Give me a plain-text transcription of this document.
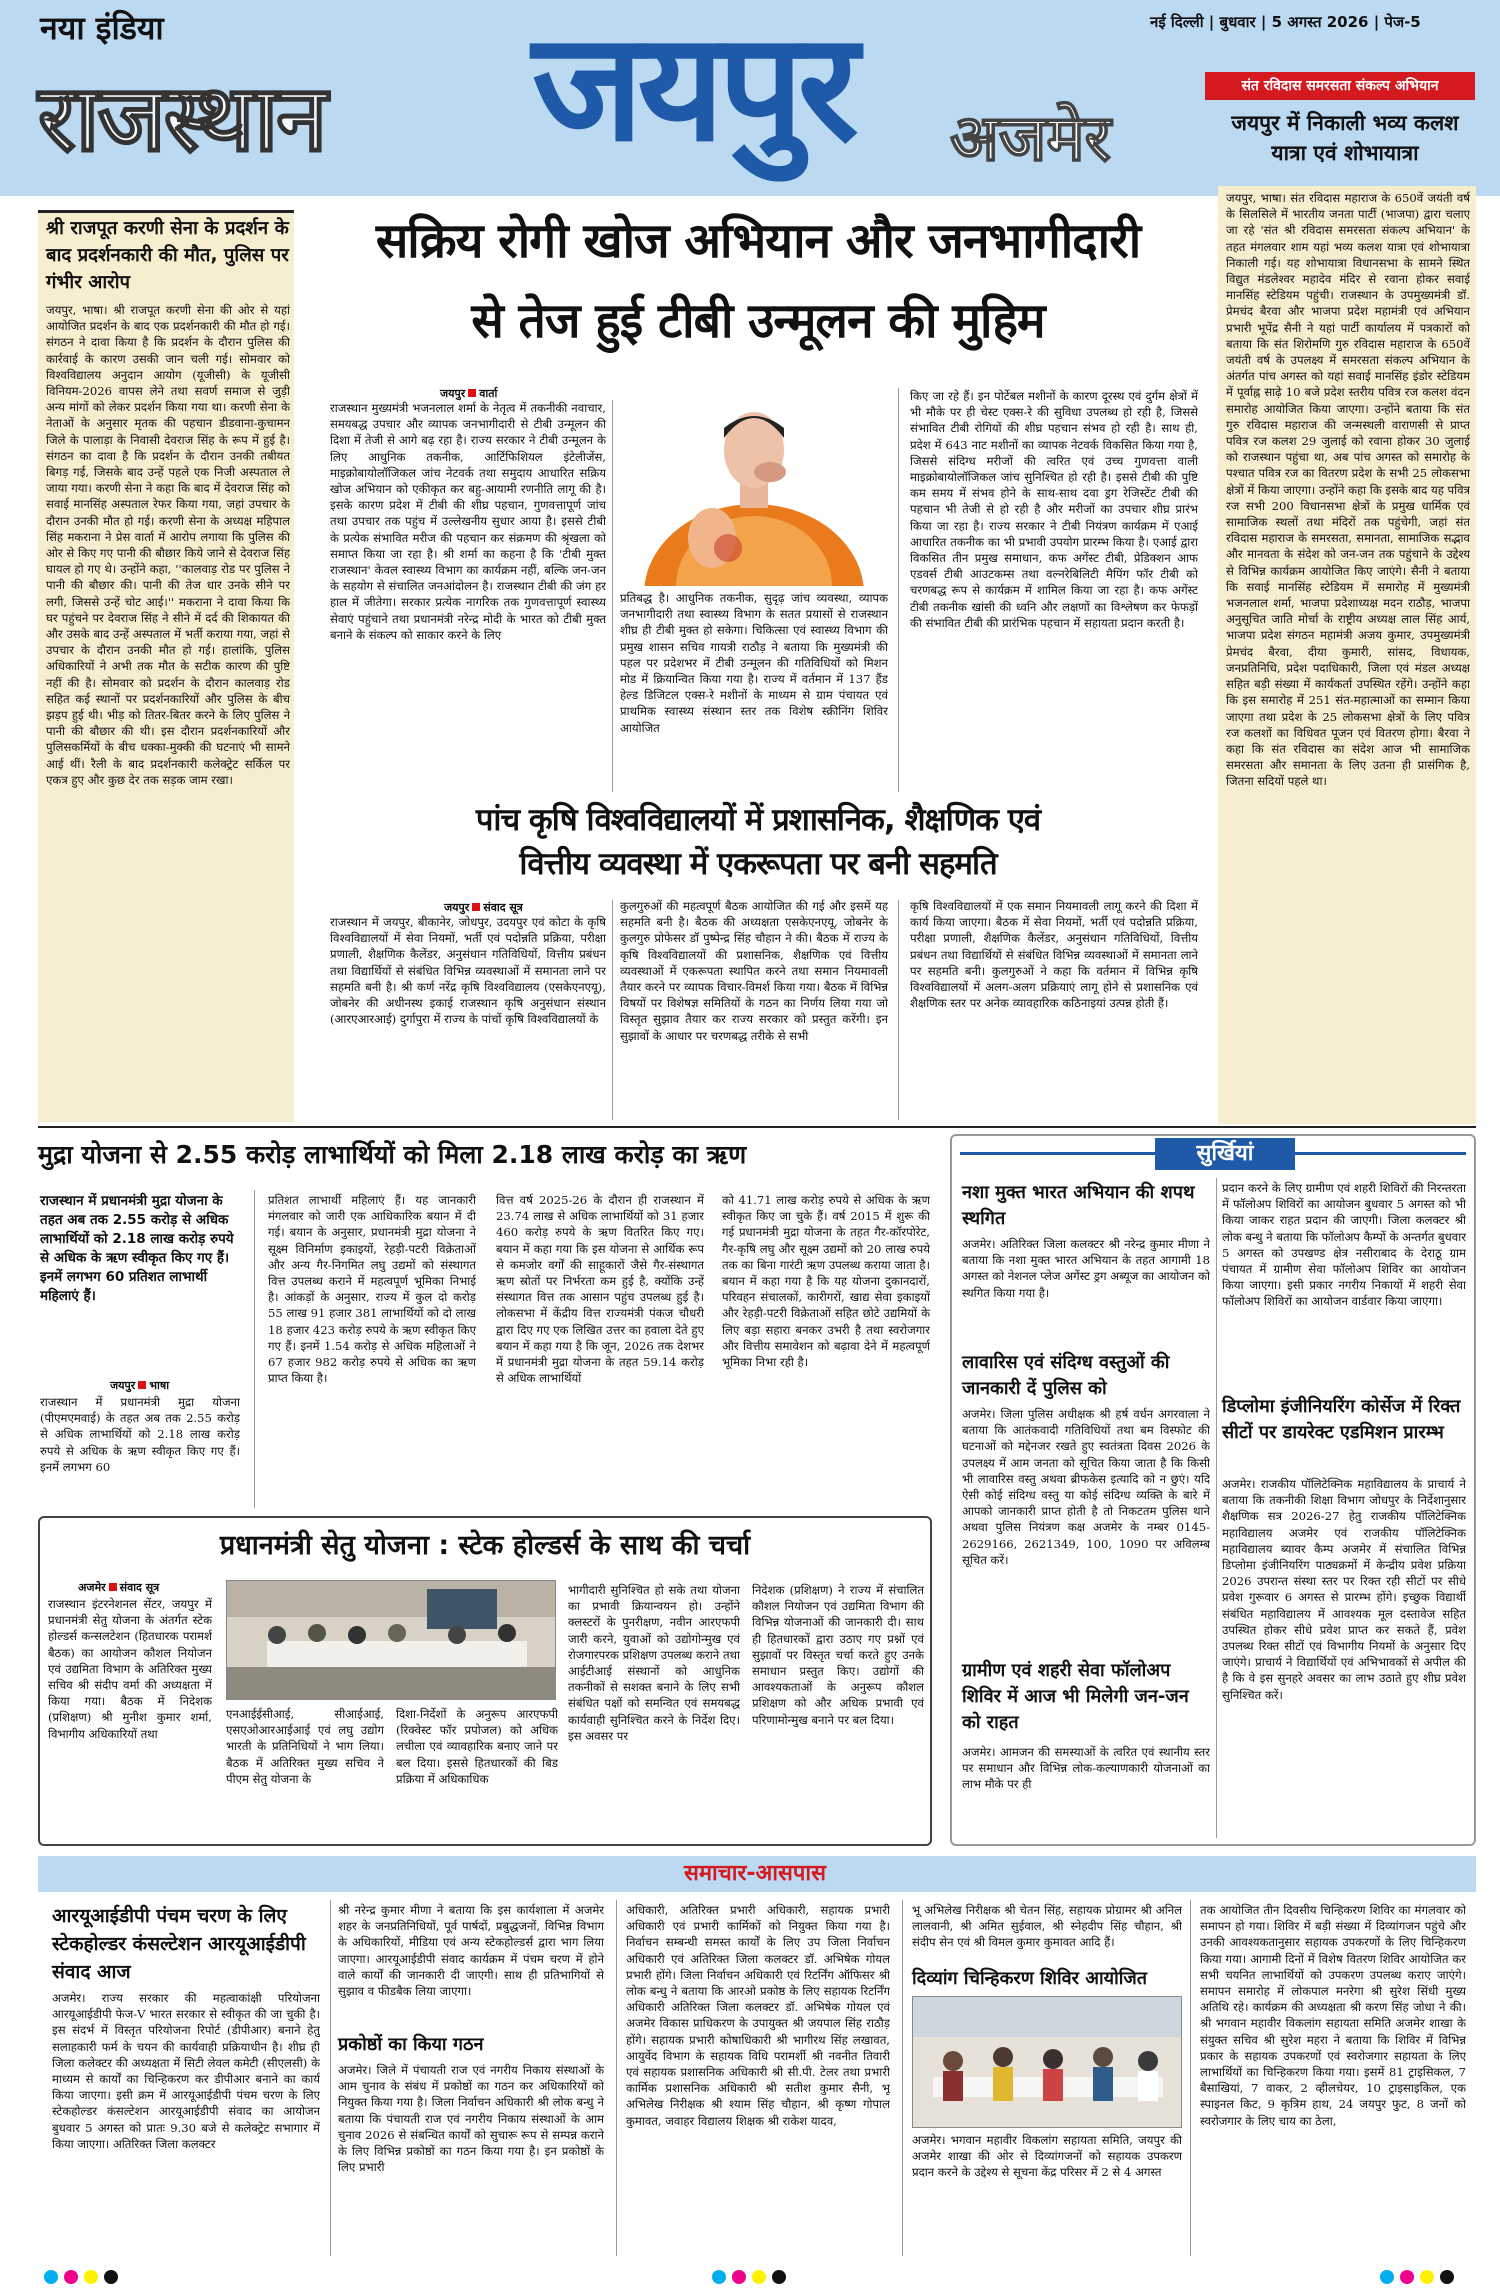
नया इंडिया
राजस्थान जयपुर अजमेर
नई दिल्ली | बुधवार | 5 अगस्त 2026 | पेज-5
संत रविदास समरसता संकल्प अभियान
जयपुर में निकाली भव्य कलश यात्रा एवं शोभायात्रा
श्री राजपूत करणी सेना के प्रदर्शन के बाद प्रदर्शनकारी की मौत, पुलिस पर गंभीर आरोप

जयपुर, भाषा। श्री राजपूत करणी सेना की ओर से यहां आयोजित प्रदर्शन के बाद एक प्रदर्शनकारी की मौत हो गई। संगठन ने दावा किया है कि प्रदर्शन के दौरान पुलिस की कार्रवाई के कारण उसकी जान चली गई। सोमवार को विश्वविद्यालय अनुदान आयोग (यूजीसी) के यूजीसी विनियम-2026 वापस लेने तथा सवर्ण समाज से जुड़ी अन्य मांगों को लेकर प्रदर्शन किया गया था। करणी सेना के नेताओं के अनुसार मृतक की पहचान डीडवाना-कुचामन जिले के पालाड़ा के निवासी देवराज सिंह के रूप में हुई है। संगठन का दावा है कि प्रदर्शन के दौरान उनकी तबीयत बिगड़ गई, जिसके बाद उन्हें पहले एक निजी अस्पताल ले जाया गया। करणी सेना ने कहा कि बाद में देवराज सिंह को सवाई मानसिंह अस्पताल रेफर किया गया, जहां उपचार के दौरान उनकी मौत हो गई। करणी सेना के अध्यक्ष महिपाल सिंह मकराना ने प्रेस वार्ता में आरोप लगाया कि पुलिस की ओर से किए गए पानी की बौछार किये जाने से देवराज सिंह घायल हो गए थे। उन्होंने कहा, ''कालवाड़ रोड पर पुलिस ने पानी की बौछार की। पानी की तेज धार उनके सीने पर लगी, जिससे उन्हें चोट आई।'' मकराना ने दावा किया कि घर पहुंचने पर देवराज सिंह ने सीने में दर्द की शिकायत की और उसके बाद उन्हें अस्पताल में भर्ती कराया गया, जहां से उपचार के दौरान उनकी मौत हो गई। हालांकि, पुलिस अधिकारियों ने अभी तक मौत के सटीक कारण की पुष्टि नहीं की है। सोमवार को प्रदर्शन के दौरान कालवाड़ रोड सहित कई स्थानों पर प्रदर्शनकारियों और पुलिस के बीच झड़प हुई थी। भीड़ को तितर-बितर करने के लिए पुलिस ने पानी की बौछार की थी। इस दौरान प्रदर्शनकारियों और पुलिसकर्मियों के बीच धक्का-मुक्की की घटनाएं भी सामने आई थीं। रैली के बाद प्रदर्शनकारी कलेक्ट्रेट सर्किल पर एकत्र हुए और कुछ देर तक सड़क जाम रखा।

जयपुर, भाषा। संत रविदास महाराज के 650वें जयंती वर्ष के सिलसिले में भारतीय जनता पार्टी (भाजपा) द्वारा चलाए जा रहे 'संत श्री रविदास समरसता संकल्प अभियान' के तहत मंगलवार शाम यहां भव्य कलश यात्रा एवं शोभायात्रा निकाली गई। यह शोभायात्रा विधानसभा के सामने स्थित विद्युत मंडलेश्वर महादेव मंदिर से रवाना होकर सवाई मानसिंह स्टेडियम पहुंची। राजस्थान के उपमुख्यमंत्री डॉ. प्रेमचंद बैरवा और भाजपा प्रदेश महामंत्री एवं अभियान प्रभारी भूपेंद्र सैनी ने यहां पार्टी कार्यालय में पत्रकारों को बताया कि संत शिरोमणि गुरु रविदास महाराज के 650वें जयंती वर्ष के उपलक्ष्य में समरसता संकल्प अभियान के अंतर्गत पांच अगस्त को यहां सवाई मानसिंह इंडोर स्टेडियम में पूर्वाह्न साढ़े 10 बजे प्रदेश स्तरीय पवित्र रज कलश वंदन समारोह आयोजित किया जाएगा। उन्होंने बताया कि संत गुरु रविदास महाराज की जन्मस्थली वाराणसी से प्राप्त पवित्र रज कलश 29 जुलाई को रवाना होकर 30 जुलाई को राजस्थान पहुंचा था, अब पांच अगस्त को समारोह के पश्चात पवित्र रज का वितरण प्रदेश के सभी 25 लोकसभा क्षेत्रों में किया जाएगा। उन्होंने कहा कि इसके बाद यह पवित्र रज सभी 200 विधानसभा क्षेत्रों के प्रमुख धार्मिक एवं सामाजिक स्थलों तथा मंदिरों तक पहुंचेगी, जहां संत रविदास महाराज के समरसता, समानता, सामाजिक सद्भाव और मानवता के संदेश को जन-जन तक पहुंचाने के उद्देश्य से विभिन्न कार्यक्रम आयोजित किए जाएंगे। सैनी ने बताया कि सवाई मानसिंह स्टेडियम में समारोह में मुख्यमंत्री भजनलाल शर्मा, भाजपा प्रदेशाध्यक्ष मदन राठौड़, भाजपा अनुसूचित जाति मोर्चा के राष्ट्रीय अध्यक्ष लाल सिंह आर्य, भाजपा प्रदेश संगठन महामंत्री अजय कुमार, उपमुख्यमंत्री प्रेमचंद बैरवा, दीया कुमारी, सांसद, विधायक, जनप्रतिनिधि, प्रदेश पदाधिकारी, जिला एवं मंडल अध्यक्ष सहित बड़ी संख्या में कार्यकर्ता उपस्थित रहेंगे। उन्होंने कहा कि इस समारोह में 251 संत-महात्माओं का सम्मान किया जाएगा तथा प्रदेश के 25 लोकसभा क्षेत्रों के लिए पवित्र रज कलशों का विधिवत पूजन एवं वितरण होगा। बैरवा ने कहा कि संत रविदास का संदेश आज भी सामाजिक समरसता और समानता के लिए उतना ही प्रासंगिक है, जितना सदियों पहले था।

सक्रिय रोगी खोज अभियान और जनभागीदारी
से तेज हुई टीबी उन्मूलन की मुहिम
जयपुर वार्ता

राजस्थान मुख्यमंत्री भजनलाल शर्मा के नेतृत्व में तकनीकी नवाचार, समयबद्ध उपचार और व्यापक जनभागीदारी से टीबी उन्मूलन की दिशा में तेजी से आगे बढ़ रहा है। राज्य सरकार ने टीबी उन्मूलन के लिए आधुनिक तकनीक, आर्टिफिशियल इंटेलीजेंस, माइक्रोबायोलॉजिकल जांच नेटवर्क तथा समुदाय आधारित सक्रिय खोज अभियान को एकीकृत कर बहु-आयामी रणनीति लागू की है। इसके कारण प्रदेश में टीबी की शीघ्र पहचान, गुणवत्तापूर्ण जांच तथा उपचार तक पहुंच में उल्लेखनीय सुधार आया है। इससे टीबी के प्रत्येक संभावित मरीज की पहचान कर संक्रमण की श्रृंखला को समाप्त किया जा रहा है। श्री शर्मा का कहना है कि 'टीबी मुक्त राजस्थान' केवल स्वास्थ्य विभाग का कार्यक्रम नहीं, बल्कि जन-जन के सहयोग से संचालित जनआंदोलन है। राजस्थान टीबी की जंग हर हाल में जीतेगा। सरकार प्रत्येक नागरिक तक गुणवत्तापूर्ण स्वास्थ्य सेवाएं पहुंचाने तथा प्रधानमंत्री नरेन्द्र मोदी के भारत को टीबी मुक्त बनाने के संकल्प को साकार करने के लिए

प्रतिबद्ध है। आधुनिक तकनीक, सुदृढ़ जांच व्यवस्था, व्यापक जनभागीदारी तथा स्वास्थ्य विभाग के सतत प्रयासों से राजस्थान शीघ्र ही टीबी मुक्त हो सकेगा। चिकित्सा एवं स्वास्थ्य विभाग की प्रमुख शासन सचिव गायत्री राठौड़ ने बताया कि मुख्यमंत्री की पहल पर प्रदेशभर में टीबी उन्मूलन की गतिविधियों को मिशन मोड में क्रियान्वित किया गया है। राज्य में वर्तमान में 137 हैंड हेल्ड डिजिटल एक्स-रे मशीनों के माध्यम से ग्राम पंचायत एवं प्राथमिक स्वास्थ्य संस्थान स्तर तक विशेष स्क्रीनिंग शिविर आयोजित

किए जा रहे हैं। इन पोर्टेबल मशीनों के कारण दूरस्थ एवं दुर्गम क्षेत्रों में भी मौके पर ही चेस्ट एक्स-रे की सुविधा उपलब्ध हो रही है, जिससे संभावित टीबी रोगियों की शीघ्र पहचान संभव हो रही है। साथ ही, प्रदेश में 643 नाट मशीनों का व्यापक नेटवर्क विकसित किया गया है, जिससे संदिग्ध मरीजों की त्वरित एवं उच्च गुणवत्ता वाली माइक्रोबायोलॉजिकल जांच सुनिश्चित हो रही है। इससे टीबी की पुष्टि कम समय में संभव होने के साथ-साथ दवा ड्रग रेजिस्टेंट टीबी की पहचान भी तेजी से हो रही है और मरीजों का उपचार शीघ्र प्रारंभ किया जा रहा है। राज्य सरकार ने टीबी नियंत्रण कार्यक्रम में एआई आधारित तकनीक का भी प्रभावी उपयोग प्रारम्भ किया है। एआई द्वारा विकसित तीन प्रमुख समाधान, कफ अगेंस्ट टीबी, प्रेडिक्शन आफ एडवर्स टीबी आउटकम्स तथा वल्नरेबिलिटी मैपिंग फॉर टीबी को चरणबद्ध रूप से कार्यक्रम में शामिल किया जा रहा है। कफ अगेंस्ट टीबी तकनीक खांसी की ध्वनि और लक्षणों का विश्लेषण कर फेफड़ों की संभावित टीबी की प्रारंभिक पहचान में सहायता प्रदान करती है।

पांच कृषि विश्वविद्यालयों में प्रशासनिक, शैक्षणिक एवं
वित्तीय व्यवस्था में एकरूपता पर बनी सहमति
जयपुर संवाद सूत्र

राजस्थान में जयपुर, बीकानेर, जोधपुर, उदयपुर एवं कोटा के कृषि विश्वविद्यालयों में सेवा नियमों, भर्ती एवं पदोन्नति प्रक्रिया, परीक्षा प्रणाली, शैक्षणिक कैलेंडर, अनुसंधान गतिविधियों, वित्तीय प्रबंधन तथा विद्यार्थियों से संबंधित विभिन्न व्यवस्थाओं में समानता लाने पर सहमति बनी है। श्री कर्ण नरेंद्र कृषि विश्वविद्यालय (एसकेएनएयू), जोबनेर की अधीनस्थ इकाई राजस्थान कृषि अनुसंधान संस्थान (आरएआरआई) दुर्गापुरा में राज्य के पांचों कृषि विश्वविद्यालयों के

कुलगुरुओं की महत्वपूर्ण बैठक आयोजित की गई और इसमें यह सहमति बनी है। बैठक की अध्यक्षता एसकेएनएयू, जोबनेर के कुलगुरु प्रोफेसर डॉ पुष्पेन्द्र सिंह चौहान ने की। बैठक में राज्य के कृषि विश्वविद्यालयों की प्रशासनिक, शैक्षणिक एवं वित्तीय व्यवस्थाओं में एकरूपता स्थापित करने तथा समान नियमावली तैयार करने पर व्यापक विचार-विमर्श किया गया। बैठक में विभिन्न विषयों पर विशेषज्ञ समितियों के गठन का निर्णय लिया गया जो विस्तृत सुझाव तैयार कर राज्य सरकार को प्रस्तुत करेंगी। इन सुझावों के आधार पर चरणबद्ध तरीके से सभी

कृषि विश्वविद्यालयों में एक समान नियमावली लागू करने की दिशा में कार्य किया जाएगा। बैठक में सेवा नियमों, भर्ती एवं पदोन्नति प्रक्रिया, परीक्षा प्रणाली, शैक्षणिक कैलेंडर, अनुसंधान गतिविधियों, वित्तीय प्रबंधन तथा विद्यार्थियों से संबंधित विभिन्न व्यवस्थाओं में समानता लाने पर सहमति बनी। कुलगुरुओं ने कहा कि वर्तमान में विभिन्न कृषि विश्वविद्यालयों में अलग-अलग प्रक्रियाएं लागू होने से प्रशासनिक एवं शैक्षणिक स्तर पर अनेक व्यावहारिक कठिनाइयां उत्पन्न होती हैं।

मुद्रा योजना से 2.55 करोड़ लाभार्थियों को मिला 2.18 लाख करोड़ का ऋण
राजस्थान में प्रधानमंत्री मुद्रा योजना के तहत अब तक 2.55 करोड़ से अधिक लाभार्थियों को 2.18 लाख करोड़ रुपये से अधिक के ऋण स्वीकृत किए गए हैं। इनमें लगभग 60 प्रतिशत लाभार्थी महिलाएं हैं।
जयपुर भाषा

राजस्थान में प्रधानमंत्री मुद्रा योजना (पीएमएमवाई) के तहत अब तक 2.55 करोड़ से अधिक लाभार्थियों को 2.18 लाख करोड़ रुपये से अधिक के ऋण स्वीकृत किए गए हैं। इनमें लगभग 60

प्रतिशत लाभार्थी महिलाएं हैं। यह जानकारी मंगलवार को जारी एक आधिकारिक बयान में दी गई। बयान के अनुसार, प्रधानमंत्री मुद्रा योजना ने सूक्ष्म विनिर्माण इकाइयों, रेहड़ी-पटरी विक्रेताओं और अन्य गैर-निगमित लघु उद्यमों को संस्थागत वित्त उपलब्ध कराने में महत्वपूर्ण भूमिका निभाई है। आंकड़ों के अनुसार, राज्य में कुल दो करोड़ 55 लाख 91 हजार 381 लाभार्थियों को दो लाख 18 हजार 423 करोड़ रुपये के ऋण स्वीकृत किए गए हैं। इनमें 1.54 करोड़ से अधिक महिलाओं ने 67 हजार 982 करोड़ रुपये से अधिक का ऋण प्राप्त किया है।

वित्त वर्ष 2025-26 के दौरान ही राजस्थान में 23.74 लाख से अधिक लाभार्थियों को 31 हजार 460 करोड़ रुपये के ऋण वितरित किए गए। बयान में कहा गया कि इस योजना से आर्थिक रूप से कमजोर वर्गों की साहूकारों जैसे गैर-संस्थागत ऋण स्रोतों पर निर्भरता कम हुई है, क्योंकि उन्हें संस्थागत वित्त तक आसान पहुंच उपलब्ध हुई है। लोकसभा में केंद्रीय वित्त राज्यमंत्री पंकज चौधरी द्वारा दिए गए एक लिखित उत्तर का हवाला देते हुए बयान में कहा गया है कि जून, 2026 तक देशभर में प्रधानमंत्री मुद्रा योजना के तहत 59.14 करोड़ से अधिक लाभार्थियों

को 41.71 लाख करोड़ रुपये से अधिक के ऋण स्वीकृत किए जा चुके हैं। वर्ष 2015 में शुरू की गई प्रधानमंत्री मुद्रा योजना के तहत गैर-कॉरपोरेट, गैर-कृषि लघु और सूक्ष्म उद्यमों को 20 लाख रुपये तक का बिना गारंटी ऋण उपलब्ध कराया जाता है। बयान में कहा गया है कि यह योजना दुकानदारों, परिवहन संचालकों, कारीगरों, खाद्य सेवा इकाइयों और रेहड़ी-पटरी विक्रेताओं सहित छोटे उद्यमियों के लिए बड़ा सहारा बनकर उभरी है तथा स्वरोजगार और वित्तीय समावेशन को बढ़ावा देने में महत्वपूर्ण भूमिका निभा रही है।

प्रधानमंत्री सेतु योजना : स्टेक होल्डर्स के साथ की चर्चा
अजमेर संवाद सूत्र

राजस्थान इंटरनेशनल सेंटर, जयपुर में प्रधानमंत्री सेतु योजना के अंतर्गत स्टेक होल्डर्स कन्सलटेशन (हितधारक परामर्श बैठक) का आयोजन कौशल नियोजन एवं उद्यमिता विभाग के अतिरिक्त मुख्य सचिव श्री संदीप वर्मा की अध्यक्षता में किया गया। बैठक में निदेशक (प्रशिक्षण) श्री मुनीश कुमार शर्मा, विभागीय अधिकारियों तथा

एनआईईसीआई, सीआईआई, एसएओआरआईआई एवं लघु उद्योग भारती के प्रतिनिधियों ने भाग लिया। बैठक में अतिरिक्त मुख्य सचिव ने पीएम सेतु योजना के

दिशा-निर्देशों के अनुरूप आरएफपी (रिक्वेस्ट फॉर प्रपोजल) को अधिक लचीला एवं व्यावहारिक बनाए जाने पर बल दिया। इससे हितधारकों की बिड प्रक्रिया में अधिकाधिक

भागीदारी सुनिश्चित हो सके तथा योजना का प्रभावी क्रियान्वयन हो। उन्होंने क्लस्टरों के पुनरीक्षण, नवीन आरएफपी जारी करने, युवाओं को उद्योगोन्मुख एवं रोजगारपरक प्रशिक्षण उपलब्ध कराने तथा आईटीआई संस्थानों को आधुनिक तकनीकों से सशक्त बनाने के लिए सभी संबंधित पक्षों को समन्वित एवं समयबद्ध कार्यवाही सुनिश्चित करने के निर्देश दिए। इस अवसर पर

निदेशक (प्रशिक्षण) ने राज्य में संचालित कौशल नियोजन एवं उद्यमिता विभाग की विभिन्न योजनाओं की जानकारी दी। साथ ही हितधारकों द्वारा उठाए गए प्रश्नों एवं सुझावों पर विस्तृत चर्चा करते हुए उनके समाधान प्रस्तुत किए। उद्योगों की आवश्यकताओं के अनुरूप कौशल प्रशिक्षण को और अधिक प्रभावी एवं परिणामोन्मुख बनाने पर बल दिया।

सुर्खियां
नशा मुक्त भारत अभियान की शपथ स्थगित

अजमेर। अतिरिक्त जिला कलक्टर श्री नरेन्द्र कुमार मीणा ने बताया कि नशा मुक्त भारत अभियान के तहत आगामी 18 अगस्त को नेशनल प्लेज अगेंस्ट ड्रग अब्यूज का आयोजन को स्थगित किया गया है।

लावारिस एवं संदिग्ध वस्तुओं की जानकारी दें पुलिस को

अजमेर। जिला पुलिस अधीक्षक श्री हर्ष वर्धन अगरवाला ने बताया कि आतंकवादी गतिविधियों तथा बम विस्फोट की घटनाओं को मद्देनजर रखते हुए स्वतंत्रता दिवस 2026 के उपलक्ष्य में आम जनता को सूचित किया जाता है कि किसी भी लावारिस वस्तु अथवा ब्रीफकेस इत्यादि को न छुएं। यदि ऐसी कोई संदिग्ध वस्तु या कोई संदिग्ध व्यक्ति के बारे में आपको जानकारी प्राप्त होती है तो निकटतम पुलिस थाने अथवा पुलिस नियंत्रण कक्ष अजमेर के नम्बर 0145-2629166, 2621349, 100, 1090 पर अविलम्ब सूचित करें।

ग्रामीण एवं शहरी सेवा फॉलोअप शिविर में आज भी मिलेगी जन-जन को राहत

अजमेर। आमजन की समस्याओं के त्वरित एवं स्थानीय स्तर पर समाधान और विभिन्न लोक-कल्याणकारी योजनाओं का लाभ मौके पर ही

प्रदान करने के लिए ग्रामीण एवं शहरी शिविरों की निरन्तरता में फॉलोअप शिविरों का आयोजन बुधवार 5 अगस्त को भी किया जाकर राहत प्रदान की जाएगी। जिला कलक्टर श्री लोक बन्धु ने बताया कि फॉलोअप कैम्पों के अन्तर्गत बुधवार 5 अगस्त को उपखण्ड क्षेत्र नसीराबाद के देराठू ग्राम पंचायत में ग्रामीण सेवा फॉलोअप शिविर का आयोजन किया जाएगा। इसी प्रकार नगरीय निकायों में शहरी सेवा फॉलोअप शिविरों का आयोजन वार्डवार किया जाएगा।

डिप्लोमा इंजीनियरिंग कोर्सेज में रिक्त सीटों पर डायरेक्ट एडमिशन प्रारम्भ

अजमेर। राजकीय पॉलिटेक्निक महाविद्यालय के प्राचार्य ने बताया कि तकनीकी शिक्षा विभाग जोधपुर के निर्देशानुसार शैक्षणिक सत्र 2026-27 हेतु राजकीय पॉलिटेक्निक महाविद्यालय अजमेर एवं राजकीय पॉलिटेक्निक महाविद्यालय ब्यावर कैम्प अजमेर में संचालित विभिन्न डिप्लोमा इंजीनियरिंग पाठ्यक्रमों में केन्द्रीय प्रवेश प्रक्रिया 2026 उपरान्त संस्था स्तर पर रिक्त रही सीटों पर सीधे प्रवेश गुरूवार 6 अगस्त से प्रारम्भ होंगे। इच्छुक विद्यार्थी संबंधित महाविद्यालय में आवश्यक मूल दस्तावेज सहित उपस्थित होकर सीधे प्रवेश प्राप्त कर सकते हैं, प्रवेश उपलब्ध रिक्त सीटों एवं विभागीय नियमों के अनुसार दिए जाएंगे। प्राचार्य ने विद्यार्थियों एवं अभिभावकों से अपील की है कि वे इस सुनहरे अवसर का लाभ उठाते हुए शीघ्र प्रवेश सुनिश्चित करें।

समाचार-आसपास
आरयूआईडीपी पंचम चरण के लिए स्टेकहोल्डर कंसल्टेशन आरयूआईडीपी संवाद आज

अजमेर। राज्य सरकार की महत्वाकांक्षी परियोजना आरयूआईडीपी फेज-V भारत सरकार से स्वीकृत की जा चुकी है। इस संदर्भ में विस्तृत परियोजना रिपोर्ट (डीपीआर) बनाने हेतु सलाहकारी फर्म के चयन की कार्यवाही प्रक्रियाधीन है। शीघ्र ही जिला कलेक्टर की अध्यक्षता में सिटी लेवल कमेटी (सीएलसी) के माध्यम से कार्यों का चिन्हिकरण कर डीपीआर बनाने का कार्य किया जाएगा। इसी क्रम में आरयूआईडीपी पंचम चरण के लिए स्टेकहोल्डर कंसल्टेशन आरयूआईडीपी संवाद का आयोजन बुधवार 5 अगस्त को प्रातः 9.30 बजे से कलेक्ट्रेट सभागार में किया जाएगा। अतिरिक्त जिला कलक्टर

श्री नरेन्द्र कुमार मीणा ने बताया कि इस कार्यशाला में अजमेर शहर के जनप्रतिनिधियों, पूर्व पार्षदों, प्रबुद्धजनों, विभिन्न विभाग के अधिकारियों, मीडिया एवं अन्य स्टेकहोल्डर्स द्वारा भाग लिया जाएगा। आरयूआईडीपी संवाद कार्यक्रम में पंचम चरण में होने वाले कार्यों की जानकारी दी जाएगी। साथ ही प्रतिभागियों से सुझाव व फीडबैक लिया जाएगा।

प्रकोष्ठों का किया गठन

अजमेर। जिले में पंचायती राज एवं नगरीय निकाय संस्थाओं के आम चुनाव के संबंध में प्रकोष्ठों का गठन कर अधिकारियों को नियुक्त किया गया है। जिला निर्वाचन अधिकारी श्री लोक बन्धु ने बताया कि पंचायती राज एवं नगरीय निकाय संस्थाओं के आम चुनाव 2026 से संबन्धित कार्यों को सुचारू रूप से सम्पन्न कराने के लिए विभिन्न प्रकोष्ठों का गठन किया गया है। इन प्रकोष्ठों के लिए प्रभारी

अधिकारी, अतिरिक्त प्रभारी अधिकारी, सहायक प्रभारी अधिकारी एवं प्रभारी कार्मिकों को नियुक्त किया गया है। निर्वाचन सम्बन्धी समस्त कार्यों के लिए उप जिला निर्वाचन अधिकारी एवं अतिरिक्त जिला कलक्टर डॉ. अभिषेक गोयल प्रभारी होंगे। जिला निर्वाचन अधिकारी एवं रिटर्निंग ऑफिसर श्री लोक बन्धु ने बताया कि आरओ प्रकोष्ठ के लिए सहायक रिटर्निंग अधिकारी अतिरिक्त जिला कलक्टर डॉ. अभिषेक गोयल एवं अजमेर विकास प्राधिकरण के उपायुक्त श्री जयपाल सिंह राठौड़ होंगे। सहायक प्रभारी कोषाधिकारी श्री भागीरथ सिंह लखावत, आयुर्वेद विभाग के सहायक विधि परामर्शी श्री नवनीत तिवारी एवं सहायक प्रशासनिक अधिकारी श्री सी.पी. टेलर तथा प्रभारी कार्मिक प्रशासनिक अधिकारी श्री सतीश कुमार सैनी, भू अभिलेख निरीक्षक श्री श्याम सिंह चौहान, श्री कृष्ण गोपाल कुमावत, जवाहर विद्यालय शिक्षक श्री राकेश यादव,

भू अभिलेख निरीक्षक श्री चेतन सिंह, सहायक प्रोग्रामर श्री अनिल लालवानी, श्री अमित सुईवाल, श्री स्नेहदीप सिंह चौहान, श्री संदीप सेन एवं श्री विमल कुमार कुमावत आदि हैं।

दिव्यांग चिन्हिकरण शिविर आयोजित

अजमेर। भगवान महावीर विकलांग सहायता समिति, जयपुर की अजमेर शाखा की ओर से दिव्यांगजनों को सहायक उपकरण प्रदान करने के उद्देश्य से सूचना केंद्र परिसर में 2 से 4 अगस्त

तक आयोजित तीन दिवसीय चिन्हिकरण शिविर का मंगलवार को समापन हो गया। शिविर में बड़ी संख्या में दिव्यांगजन पहुंचे और उनकी आवश्यकतानुसार सहायक उपकरणों के लिए चिन्हिकरण किया गया। आगामी दिनों में विशेष वितरण शिविर आयोजित कर सभी चयनित लाभार्थियों को उपकरण उपलब्ध कराए जाएंगे। समापन समारोह में लोकपाल मनरेगा श्री सुरेश सिंधी मुख्य अतिथि रहे। कार्यक्रम की अध्यक्षता श्री करण सिंह जोधा ने की। श्री भगवान महावीर विकलांग सहायता समिति अजमेर शाखा के संयुक्त सचिव श्री सुरेश महरा ने बताया कि शिविर में विभिन्न प्रकार के सहायक उपकरणों एवं स्वरोजगार सहायता के लिए लाभार्थियों का चिन्हिकरण किया गया। इसमें 81 ट्राइसिकल, 7 बैसाखियां, 7 वाकर, 2 व्हीलचेयर, 10 ट्राइसाइकिल, एक स्पाइनल किट, 9 कृत्रिम हाथ, 24 जयपुर फुट, 8 जनों को स्वरोजगार के लिए चाय का ठेला,
